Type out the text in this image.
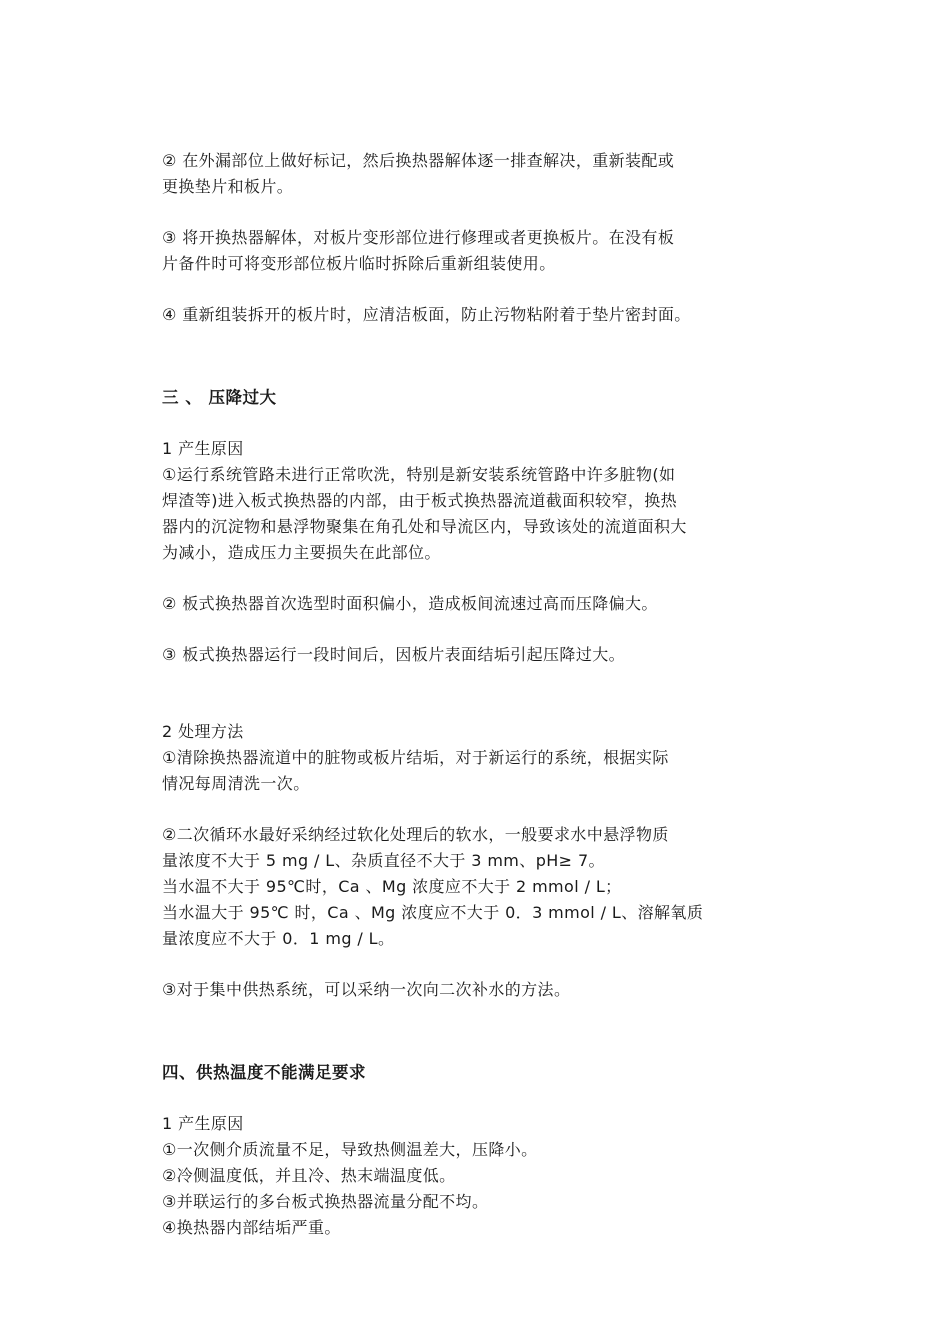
② 在外漏部位上做好标记，然后换热器解体逐一排查解决，重新装配或
更换垫片和板片。

③ 将开换热器解体，对板片变形部位进行修理或者更换板片。在没有板
片备件时可将变形部位板片临时拆除后重新组装使用。

④ 重新组装拆开的板片时，应清洁板面，防止污物粘附着于垫片密封面。

三 、 压降过大

1 产生原因
①运行系统管路未进行正常吹洗，特别是新安装系统管路中许多脏物(如
焊渣等)进入板式换热器的内部，由于板式换热器流道截面积较窄，换热
器内的沉淀物和悬浮物聚集在角孔处和导流区内，导致该处的流道面积大
为减小，造成压力主要损失在此部位。

② 板式换热器首次选型时面积偏小，造成板间流速过高而压降偏大。

③ 板式换热器运行一段时间后，因板片表面结垢引起压降过大。

2 处理方法
①清除换热器流道中的脏物或板片结垢，对于新运行的系统，根据实际
情况每周清洗一次。

②二次循环水最好采纳经过软化处理后的软水，一般要求水中悬浮物质
量浓度不大于 5 mg / L、杂质直径不大于 3 mm、pH≥ 7。
当水温不大于 95℃时，Ca 、Mg 浓度应不大于 2 mmol / L；
当水温大于 95℃ 时，Ca 、Mg 浓度应不大于 0．3 mmol / L、溶解氧质
量浓度应不大于 0．1 mg / L。

③对于集中供热系统，可以采纳一次向二次补水的方法。

四、供热温度不能满足要求

1 产生原因
①一次侧介质流量不足，导致热侧温差大，压降小。
②冷侧温度低，并且冷、热末端温度低。
③并联运行的多台板式换热器流量分配不均。
④换热器内部结垢严重。
